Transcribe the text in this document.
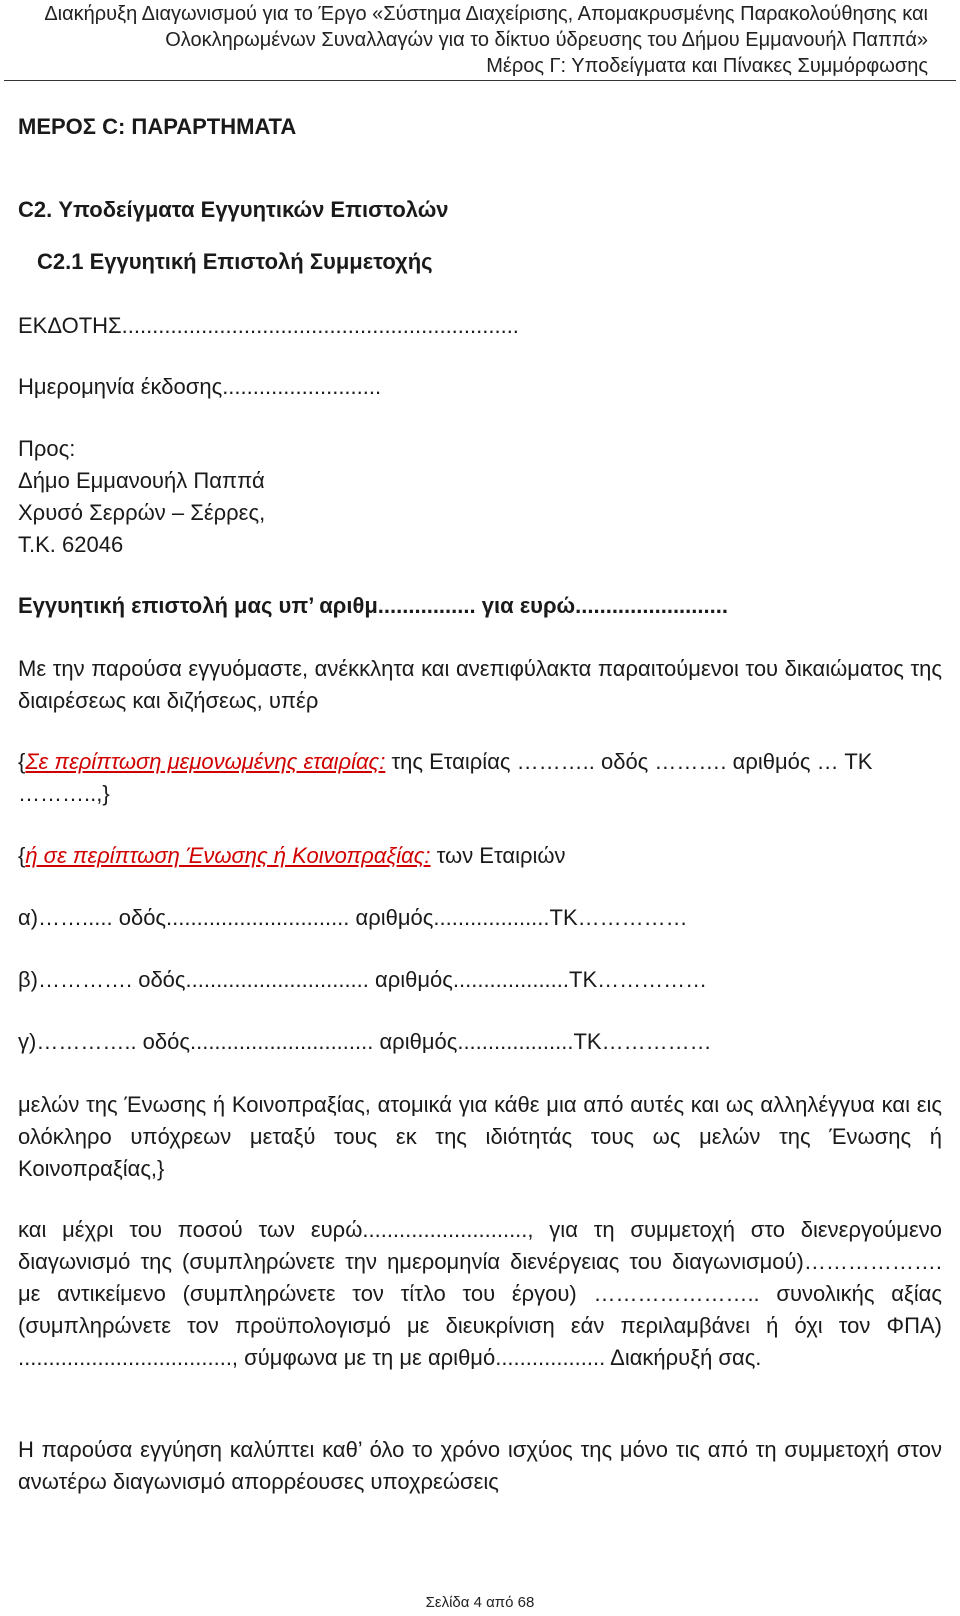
Διακήρυξη Διαγωνισμού για το Έργο «Σύστημα Διαχείρισης, Απομακρυσμένης Παρακολούθησης και
Ολοκληρωμένων Συναλλαγών για το δίκτυο ύδρευσης του Δήμου Εμμανουήλ Παππά»
Μέρος Γ: Υποδείγματα και Πίνακες Συμμόρφωσης

ΜΕΡΟΣ C: ΠΑΡΑΡΤΗΜΑΤΑ

C2. Υποδείγματα Εγγυητικών Επιστολών

C2.1 Εγγυητική Επιστολή Συμμετοχής

ΕΚΔΟΤΗΣ.................................................................

Ημερομηνία έκδοσης..........................

Προς:

Δήμο Εμμανουήλ Παππά

Χρυσό Σερρών – Σέρρες,

Τ.Κ. 62046

Εγγυητική επιστολή μας υπ’ αριθμ................ για ευρώ.........................

Με την παρούσα εγγυόμαστε, ανέκκλητα και ανεπιφύλακτα παραιτούμενοι του δικαιώματος της διαιρέσεως και διζήσεως, υπέρ

{Σε περίπτωση μεμονωμένης εταιρίας: της Εταιρίας ……….. οδός ………. αριθμός … ΤΚ ………..,}

{ή σε περίπτωση Ένωσης ή Κοινοπραξίας: των Εταιριών

α)……..... οδός.............................. αριθμός...................ΤΚ……………

β)…………. οδός.............................. αριθμός...................ΤΚ……………

γ)………….. οδός.............................. αριθμός...................ΤΚ……………

μελών της Ένωσης ή Κοινοπραξίας, ατομικά για κάθε μια από αυτές και ως αλληλέγγυα και εις ολόκληρο υπόχρεων μεταξύ τους εκ της ιδιότητάς τους ως μελών της Ένωσης ή Κοινοπραξίας,}

και μέχρι του ποσού των ευρώ..........................., για τη συμμετοχή στο διενεργούμενο διαγωνισμό της (συμπληρώνετε την ημερομηνία διενέργειας του διαγωνισμού)………………. με αντικείμενο (συμπληρώνετε τον τίτλο του έργου) ………………….. συνολικής αξίας (συμπληρώνετε τον προϋπολογισμό με διευκρίνιση εάν περιλαμβάνει ή όχι τον ΦΠΑ) ..................................., σύμφωνα με τη με αριθμό.................. Διακήρυξή σας.

Η παρούσα εγγύηση καλύπτει καθ’ όλο το χρόνο ισχύος της μόνο τις από τη συμμετοχή στον ανωτέρω διαγωνισμό απορρέουσες υποχρεώσεις

Σελίδα 4 από 68
